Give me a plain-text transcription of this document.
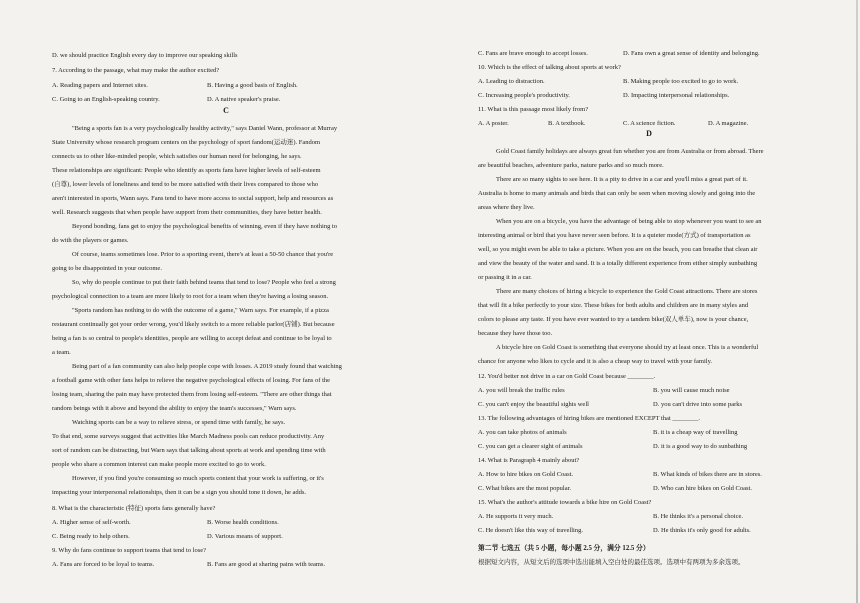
D. we should practice English every day to improve our speaking skills
7. According to the passage, what may make the author excited?
A. Reading papers and Internet sites.	B. Having a good basis of English.
C. Going to an English-speaking country.	D. A native speaker's praise.
C
"Being a sports fan is a very psychologically healthy activity," says Daniel Wann, professor at Murray
State University whose research program centers on the psychology of sport fandom(运动迷). Fandom
connects us to other like-minded people, which satisfies our human need for belonging, he says.
These relationships are significant: People who identify as sports fans have higher levels of self-esteem
(自尊), lower levels of loneliness and tend to be more satisfied with their lives compared to those who
aren't interested in sports, Wann says. Fans tend to have more access to social support, help and resources as
well. Research suggests that when people have support from their communities, they have better health.
Beyond bonding, fans get to enjoy the psychological benefits of winning, even if they have nothing to
do with the players or games.
Of course, teams sometimes lose. Prior to a sporting event, there's at least a 50-50 chance that you're
going to be disappointed in your outcome.
So, why do people continue to put their faith behind teams that tend to lose? People who feel a strong
psychological connection to a team are more likely to root for a team when they're having a losing season.
"Sports random has nothing to do with the outcome of a game," Warn says. For example, if a pizza
restaurant continually got your order wrong, you'd likely switch to a more reliable parlor(店铺). But because
being a fan is so central to people's identities, people are willing to accept defeat and continue to be loyal to
a team.
Being part of a fan community can also help people cope with losses. A 2019 study found that watching
a football game with other fans helps to relieve the negative psychological effects of losing. For fans of the
losing team, sharing the pain may have protected them from losing self-esteem. "There are other things that
random beings with it above and beyond the ability to enjoy the team's successes," Warn says.
Watching sports can be a way to relieve stress, or spend time with family, he says.
To that end, some surveys suggest that activities like March Madness pools can reduce productivity. Any
sort of random can be distracting, but Warn says that talking about sports at work and spending time with
people who share a common interest can make people more excited to go to work.
However, if you find you're consuming so much sports content that your work is suffering, or it's
impacting your interpersonal relationships, then it can be a sign you should tone it down, he adds.
8. What is the characteristic (特征) sports fans generally have?
A. Higher sense of self-worth.	B. Worse health conditions.
C. Being ready to help others.	D. Various means of support.
9. Why do fans continue to support teams that tend to lose?
A. Fans are forced to be loyal to teams.	B. Fans are good at sharing pains with teams.
C. Fans are brave enough to accept losses.	D. Fans own a great sense of identity and belonging.
10. Which is the effect of talking about sports at work?
A. Leading to distraction.	B. Making people too excited to go to work.
C. Increasing people's productivity.	D. Impacting interpersonal relationships.
11. What is this passage most likely from?
A. A poster.	B. A textbook.	C. A science fiction.	D. A magazine.
D
Gold Coast family holidays are always great fun whether you are from Australia or from abroad. There
are beautiful beaches, adventure parks, nature parks and so much more.
There are so many sights to see here. It is a pity to drive in a car and you'll miss a great part of it.
Australia is home to many animals and birds that can only be seen when moving slowly and going into the
areas where they live.
When you are on a bicycle, you have the advantage of being able to stop whenever you want to see an
interesting animal or bird that you have never seen before. It is a quieter mode(方式) of transportation as
well, so you might even be able to take a picture. When you are on the beach, you can breathe that clean air
and view the beauty of the water and sand. It is a totally different experience from either simply sunbathing
or passing it in a car.
There are many choices of hiring a bicycle to experience the Gold Coast attractions. There are stores
that will fit a bike perfectly to your size. These bikes for both adults and children are in many styles and
colors to please any taste. If you have ever wanted to try a tandem bike(双人单车), now is your chance,
because they have those too.
A bicycle hire on Gold Coast is something that everyone should try at least once. This is a wonderful
chance for anyone who likes to cycle and it is also a cheap way to travel with your family.
12. You'd better not drive in a car on Gold Coast because ________.
A. you will break the traffic rules	B. you will cause much noise
C. you can't enjoy the beautiful sights well	D. you can't drive into some parks
13. The following advantages of hiring bikes are mentioned EXCEPT that ________.
A. you can take photos of animals	B. it is a cheap way of travelling
C. you can get a clearer sight of animals	D. it is a good way to do sunbathing
14. What is Paragraph 4 mainly about?
A. How to hire bikes on Gold Coast.	B. What kinds of bikes there are in stores.
C. What bikes are the most popular.	D. Who can hire bikes on Gold Coast.
15. What's the author's attitude towards a bike hire on Gold Coast?
A. He supports it very much.	B. He thinks it's a personal choice.
C. He doesn't like this way of travelling.	D. He thinks it's only good for adults.
第二节 七选五（共 5 小题，每小题 2.5 分，满分 12.5 分）
根据短文内容，从短文后的选项中选出能填入空白处的最佳选项。选项中有两项为多余选项。
